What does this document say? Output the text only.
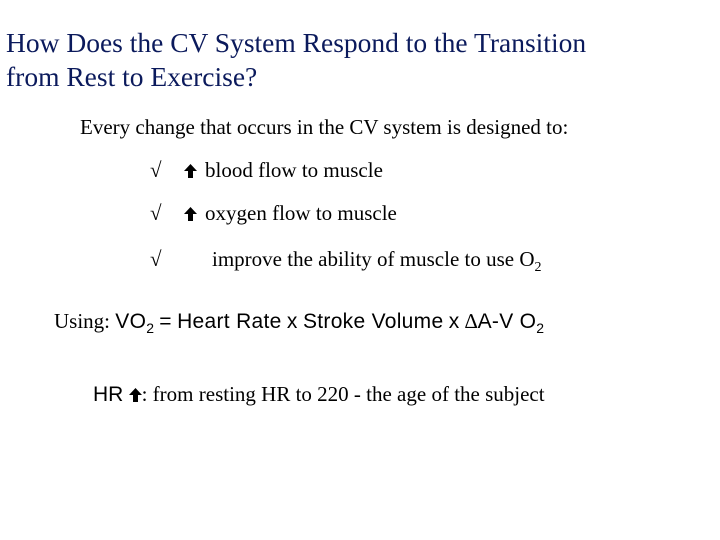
How Does the CV System Respond to the Transition
from Rest to Exercise?
Every change that occurs in the CV system is designed to:
√ blood flow to muscle
√ oxygen flow to muscle
√ improve the ability of muscle to use $O_2$
Using: $VO_2$ = Heart Rate x Stroke Volume x ∆A-V $O_2$
HR : from resting HR to 220 - the age of the subject
